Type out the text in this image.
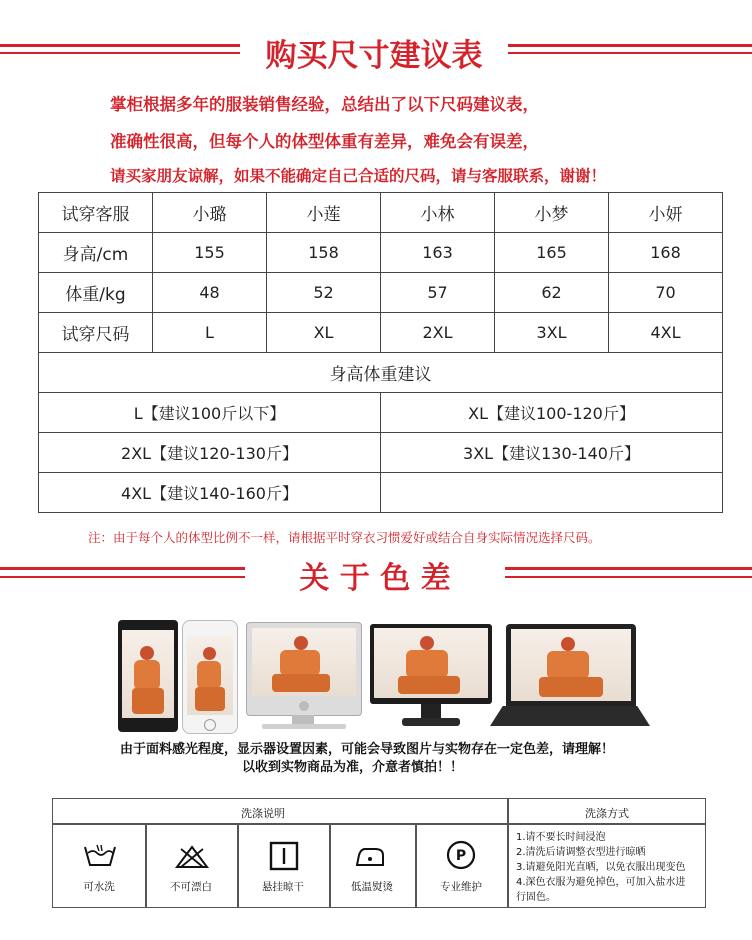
购买尺寸建议表
掌柜根据多年的服装销售经验，总结出了以下尺码建议表，
准确性很高，但每个人的体型体重有差异，难免会有误差，
请买家朋友谅解，如果不能确定自己合适的尺码，请与客服联系，谢谢！
试穿客服	小璐	小莲	小林	小梦	小妍
身高/cm	155	158	163	165	168
体重/kg	48	52	57	62	70
试穿尺码	L	XL	2XL	3XL	4XL
身高体重建议					
L【建议100斤以下】			XL【建议100-120斤】		
2XL【建议120-130斤】			3XL【建议130-140斤】		
4XL【建议140-160斤】					
注：由于每个人的体型比例不一样，请根据平时穿衣习惯爱好或结合自身实际情况选择尺码。
关 于 色 差
由于面料感光程度，显示器设置因素，可能会导致图片与实物存在一定色差，请理解！
以收到实物商品为准，介意者慎拍！！
洗涤说明	洗涤方式
P
可水洗	不可漂白	悬挂晾干	低温熨烫	专业维护
1.请不要长时间浸泡
2.清洗后请调整衣型进行晾晒
3.请避免阳光直晒，以免衣服出现变色
4.深色衣服为避免掉色，可加入盐水进
行固色。
